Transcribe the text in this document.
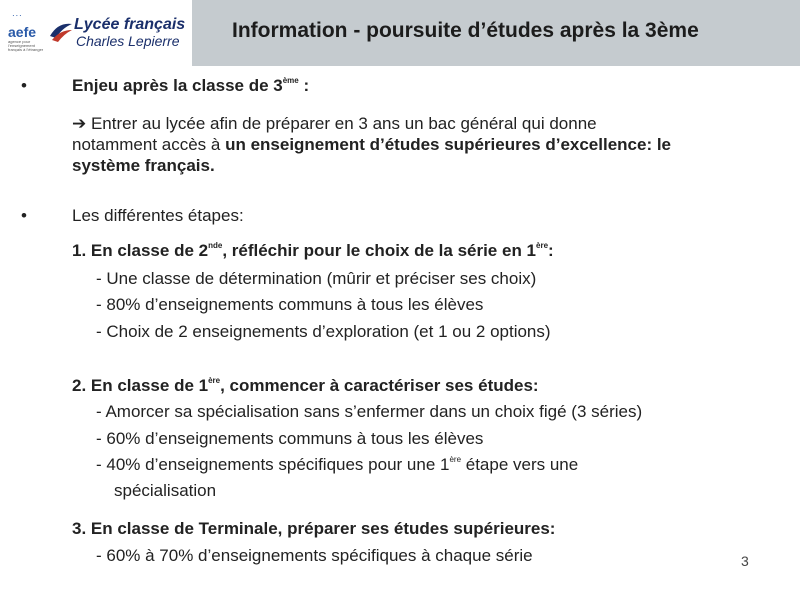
∙∙∙
aefe
agence pour l’enseignement français à l’étranger
Lycée français
Charles Lepierre	Information - poursuite d’études après la 3ème
•	Enjeu après la classe de 3ème :
➔ Entrer au lycée afin de préparer en 3 ans un bac général qui donne
notamment accès à un enseignement d’études supérieures d’excellence: le
système français.
•	Les différentes étapes:
1. En classe de 2nde, réfléchir pour le choix de la série en 1ère:
- Une classe de détermination (mûrir et préciser ses choix)
- 80% d’enseignements communs à tous les élèves
- Choix de 2 enseignements d’exploration (et 1 ou 2 options)
2. En classe de 1ère, commencer à caractériser ses études:
- Amorcer sa spécialisation sans s’enfermer dans un choix figé (3 séries)
- 60% d’enseignements communs à tous les élèves
- 40% d’enseignements spécifiques pour une 1ère étape vers une
spécialisation
3. En classe de Terminale, préparer ses études supérieures:
- 60% à 70% d’enseignements spécifiques à chaque série	3
